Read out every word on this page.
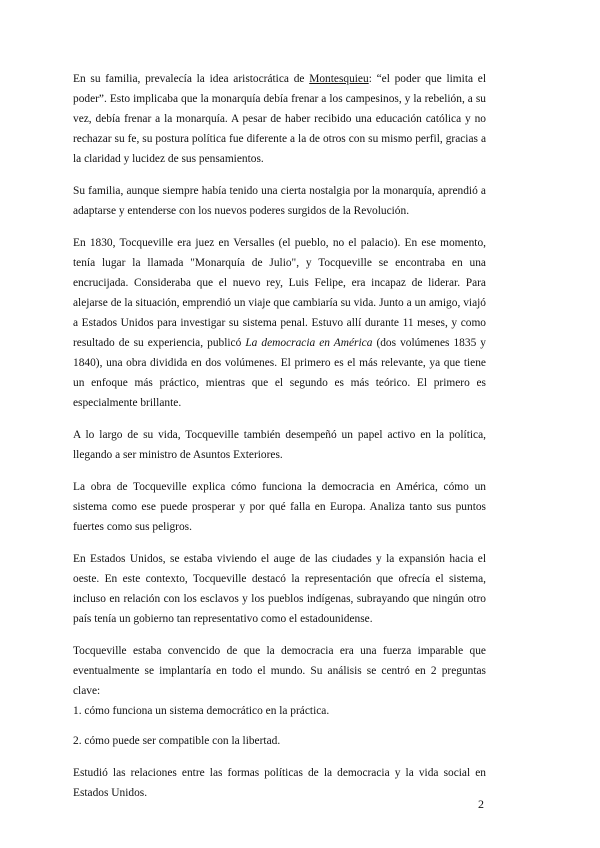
En su familia, prevalecía la idea aristocrática de Montesquieu: “el poder que limita el poder”. Esto implicaba que la monarquía debía frenar a los campesinos, y la rebelión, a su vez, debía frenar a la monarquía. A pesar de haber recibido una educación católica y no rechazar su fe, su postura política fue diferente a la de otros con su mismo perfil, gracias a la claridad y lucidez de sus pensamientos.

Su familia, aunque siempre había tenido una cierta nostalgia por la monarquía, aprendió a adaptarse y entenderse con los nuevos poderes surgidos de la Revolución.

En 1830, Tocqueville era juez en Versalles (el pueblo, no el palacio). En ese momento, tenía lugar la llamada "Monarquía de Julio", y Tocqueville se encontraba en una encrucijada. Consideraba que el nuevo rey, Luis Felipe, era incapaz de liderar. Para alejarse de la situación, emprendió un viaje que cambiaría su vida. Junto a un amigo, viajó a Estados Unidos para investigar su sistema penal. Estuvo allí durante 11 meses, y como resultado de su experiencia, publicó La democracia en América (dos volúmenes 1835 y 1840), una obra dividida en dos volúmenes. El primero es el más relevante, ya que tiene un enfoque más práctico, mientras que el segundo es más teórico. El primero es especialmente brillante.

A lo largo de su vida, Tocqueville también desempeñó un papel activo en la política, llegando a ser ministro de Asuntos Exteriores.

La obra de Tocqueville explica cómo funciona la democracia en América, cómo un sistema como ese puede prosperar y por qué falla en Europa. Analiza tanto sus puntos fuertes como sus peligros.

En Estados Unidos, se estaba viviendo el auge de las ciudades y la expansión hacia el oeste. En este contexto, Tocqueville destacó la representación que ofrecía el sistema, incluso en relación con los esclavos y los pueblos indígenas, subrayando que ningún otro país tenía un gobierno tan representativo como el estadounidense.

Tocqueville estaba convencido de que la democracia era una fuerza imparable que eventualmente se implantaría en todo el mundo. Su análisis se centró en 2 preguntas clave:
1. cómo funciona un sistema democrático en la práctica.

2. cómo puede ser compatible con la libertad.

Estudió las relaciones entre las formas políticas de la democracia y la vida social en Estados Unidos.

2
